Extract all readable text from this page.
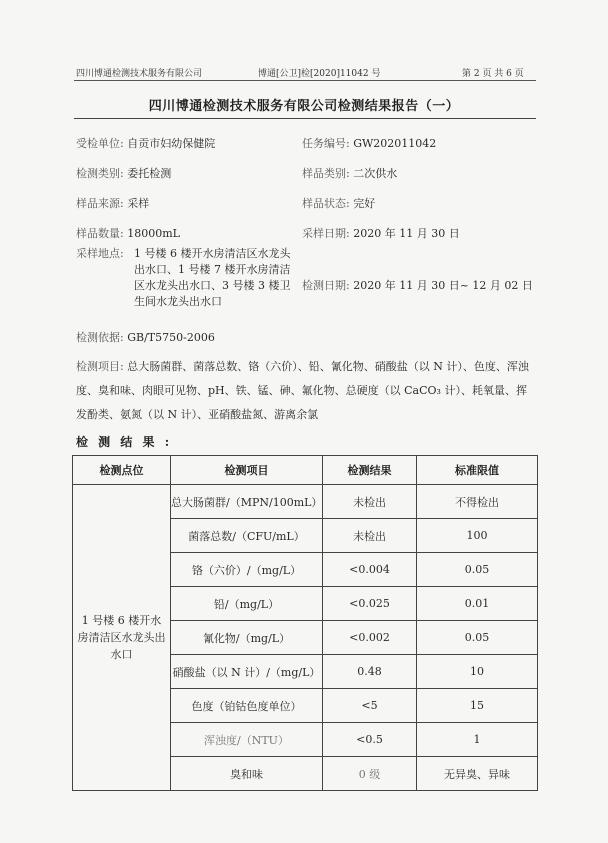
四川博通检测技术服务有限公司	博通[公卫]检[2020]11042 号	第 2 页 共 6 页
四川博通检测技术服务有限公司检测结果报告（一）
受检单位: 自贡市妇幼保健院	任务编号: GW202011042
检测类别: 委托检测	样品类别: 二次供水
样品来源: 采样	样品状态: 完好
样品数量: 18000mL	采样日期: 2020 年 11 月 30 日
采样地点: 1 号楼 6 楼开水房清洁区水龙头出水口、1 号楼 7 楼开水房清洁区水龙头出水口、3 号楼 3 楼卫生间水龙头出水口
检测日期: 2020 年 11 月 30 日~ 12 月 02 日
检测依据: GB/T5750-2006
检测项目: 总大肠菌群、菌落总数、铬（六价）、铅、氰化物、硝酸盐（以 N 计）、色度、浑浊度、臭和味、肉眼可见物、pH、铁、锰、砷、氟化物、总硬度（以 CaCO₃ 计）、耗氧量、挥发酚类、氨氮（以 N 计）、亚硝酸盐氮、游离余氯
检 测 结 果 :
检测点位	检测项目	检测结果	标准限值
1 号楼 6 楼开水房清洁区水龙头出水口	总大肠菌群/（MPN/100mL）	未检出	不得检出
	菌落总数/（CFU/mL）	未检出	100
	铬（六价）/（mg/L）	<0.004	0.05
	铅/（mg/L）	<0.025	0.01
	氰化物/（mg/L）	<0.002	0.05
	硝酸盐（以 N 计）/（mg/L）	0.48	10
	色度（铂钴色度单位）	<5	15
	浑浊度/（NTU）	<0.5	1
	臭和味	0 级	无异臭、异味
